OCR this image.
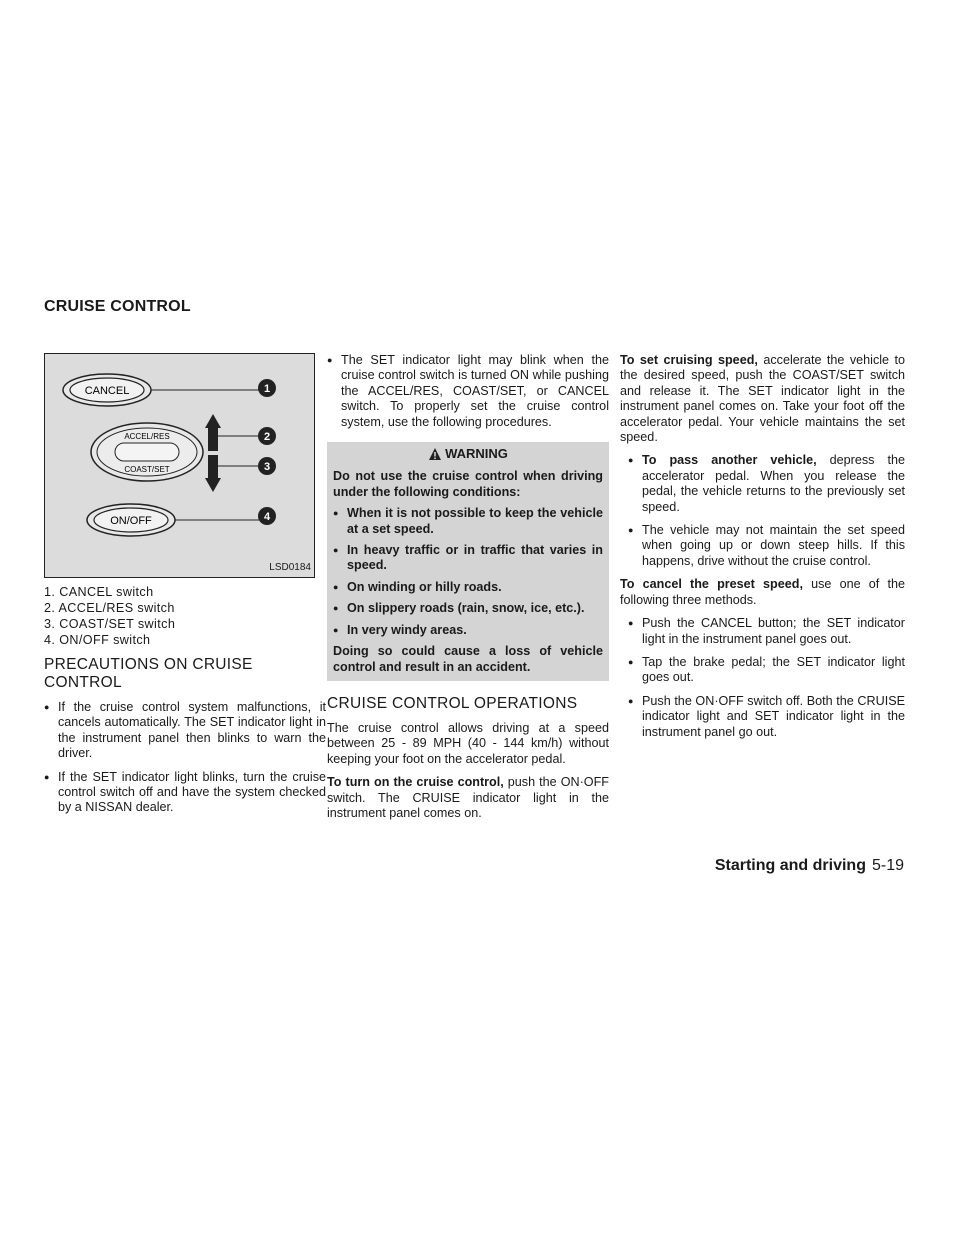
CRUISE CONTROL
CANCEL	1
ACCEL/RES
COAST/SET
2
3
ON/OFF	4
LSD0184
1. CANCEL switch
2. ACCEL/RES switch
3. COAST/SET switch
4. ON/OFF switch
PRECAUTIONS ON CRUISE
CONTROL
● If the cruise control system malfunctions, it cancels automatically. The SET indicator light in the instrument panel then blinks to warn the driver.
● If the SET indicator light blinks, turn the cruise control switch off and have the system checked by a NISSAN dealer.
● The SET indicator light may blink when the cruise control switch is turned ON while pushing the ACCEL/RES, COAST/SET, or CANCEL switch. To properly set the cruise control system, use the following procedures.
WARNING

Do not use the cruise control when driving under the following conditions:

● When it is not possible to keep the vehicle at a set speed.
● In heavy traffic or in traffic that varies in speed.
● On winding or hilly roads.
● On slippery roads (rain, snow, ice, etc.).
● In very windy areas.

Doing so could cause a loss of vehicle control and result in an accident.

CRUISE CONTROL OPERATIONS

The cruise control allows driving at a speed between 25 - 89 MPH (40 - 144 km/h) without keeping your foot on the accelerator pedal.

To turn on the cruise control, push the ON·OFF switch. The CRUISE indicator light in the instrument panel comes on.

To set cruising speed, accelerate the vehicle to the desired speed, push the COAST/SET switch and release it. The SET indicator light in the instrument panel comes on. Take your foot off the accelerator pedal. Your vehicle maintains the set speed.

● To pass another vehicle, depress the accelerator pedal. When you release the pedal, the vehicle returns to the previously set speed.
● The vehicle may not maintain the set speed when going up or down steep hills. If this happens, drive without the cruise control.

To cancel the preset speed, use one of the following three methods.

● Push the CANCEL button; the SET indicator light in the instrument panel goes out.
● Tap the brake pedal; the SET indicator light goes out.
● Push the ON·OFF switch off. Both the CRUISE indicator light and SET indicator light in the instrument panel go out.
Starting and driving 5-19
